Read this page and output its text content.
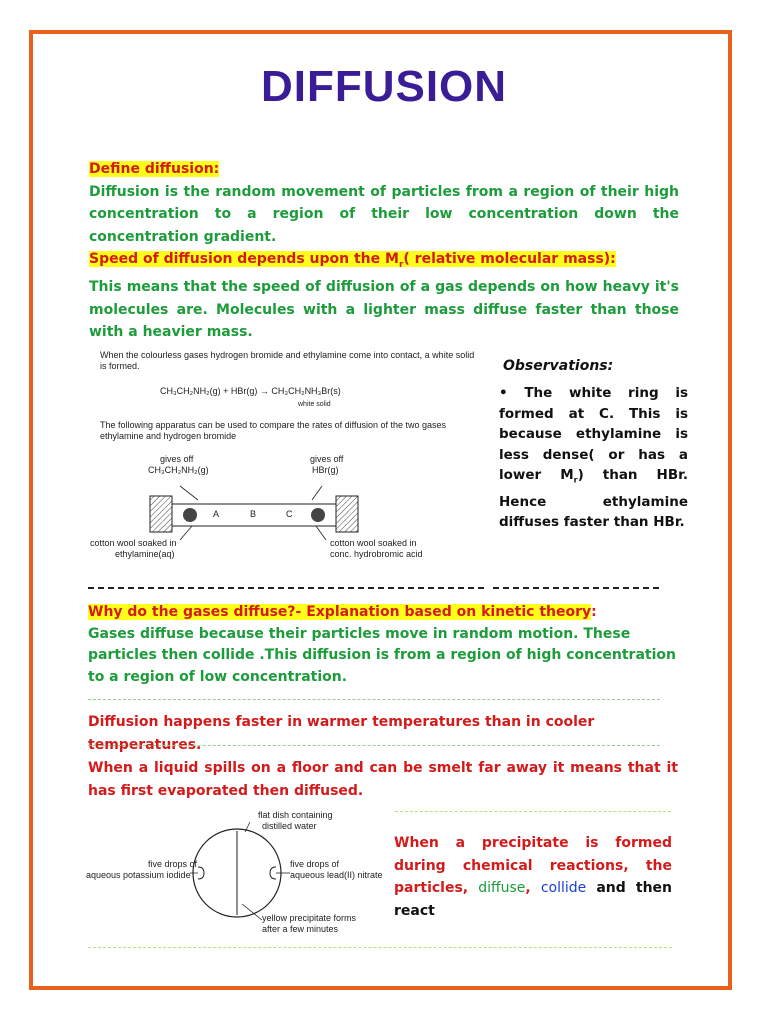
DIFFUSION

Define diffusion:

Diffusion is the random movement of particles from a region of their high concentration to a region of their low concentration down the concentration gradient.

Speed of diffusion depends upon the $M_r$( relative molecular mass):

This means that the speed of diffusion of a gas depends on how heavy it's molecules are. Molecules with a lighter mass diffuse faster than those with a heavier mass.

When the colourless gases hydrogen bromide and ethylamine come into contact, a white solid is formed.
CH₃CH₂NH₂(g) + HBr(g) → CH₃CH₂NH₃Br(s)
white solid
The following apparatus can be used to compare the rates of diffusion of the two gases ethylamine and hydrogen bromide
gives off
CH₃CH₂NH₂(g)
gives off
HBr(g)
A	B	C
cotton wool soaked in
ethylamine(aq)
cotton wool soaked in
conc. hydrobromic acid
Observations:
• The white ring is formed at C. This is because ethylamine is less dense( or has a lower $M_r$) than HBr. Hence ethylamine diffuses faster than HBr.

Why do the gases diffuse?- Explanation based on kinetic theory:

Gases diffuse because their particles move in random motion. These particles then collide .This diffusion is from a region of high concentration to a region of low concentration.

Diffusion happens faster in warmer temperatures than in cooler temperatures.
When a liquid spills on a floor and can be smelt far away it means that it has first evaporated then diffused.
flat dish containing
distilled water
five drops of
aqueous potassium iodide
five drops of
aqueous lead(II) nitrate
yellow precipitate forms
after a few minutes
When a precipitate is formed during chemical reactions, the particles, diffuse, collide and then react
